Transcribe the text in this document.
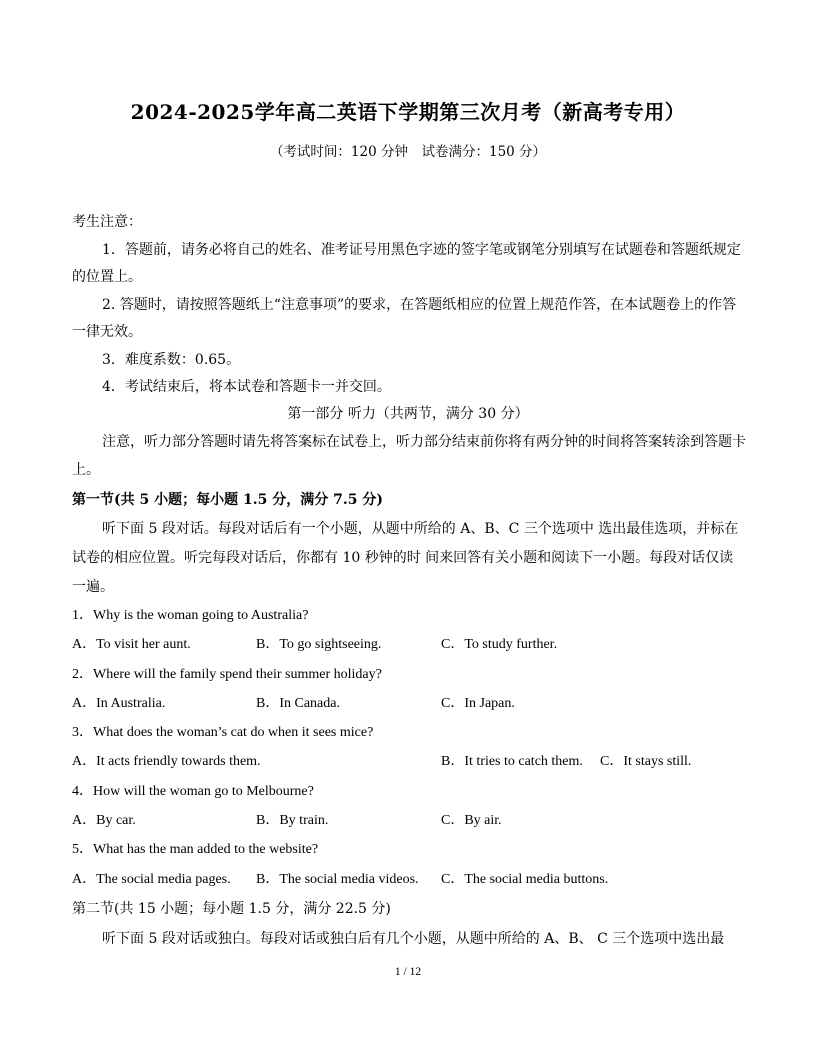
2024-2025学年高二英语下学期第三次月考（新高考专用）
（考试时间：120 分钟　试卷满分：150 分）
考生注意：
1．答题前，请务必将自己的姓名、准考证号用黑色字迹的签字笔或钢笔分别填写在试题卷和答题纸规定
的位置上。
2. 答题时，请按照答题纸上“注意事项”的要求，在答题纸相应的位置上规范作答，在本试题卷上的作答
一律无效。
3．难度系数：0.65。
4．考试结束后，将本试卷和答题卡一并交回。
第一部分 听力（共两节，满分 30 分）
注意，听力部分答题时请先将答案标在试卷上，听力部分结束前你将有两分钟的时间将答案转涂到答题卡
上。
第一节(共 5 小题；每小题 1.5 分，满分 7.5 分)
听下面 5 段对话。每段对话后有一个小题，从题中所给的 A、B、C 三个选项中 选出最佳选项，并标在
试卷的相应位置。听完每段对话后，你都有 10 秒钟的时 间来回答有关小题和阅读下一小题。每段对话仅读
一遍。
1．Why is the woman going to Australia?
A．To visit her aunt.	B．To go sightseeing.	C．To study further.
2．Where will the family spend their summer holiday?
A．In Australia.	B．In Canada.	C．In Japan.
3．What does the woman’s cat do when it sees mice?
A．It acts friendly towards them.	B．It tries to catch them. C．It stays still.
4．How will the woman go to Melbourne?
A．By car.	B．By train.	C．By air.
5．What has the man added to the website?
A．The social media pages. B．The social media videos. C．The social media buttons.
第二节(共 15 小题；每小题 1.5 分，满分 22.5 分)
听下面 5 段对话或独白。每段对话或独白后有几个小题，从题中所给的 A、B、 C 三个选项中选出最
1 / 12
